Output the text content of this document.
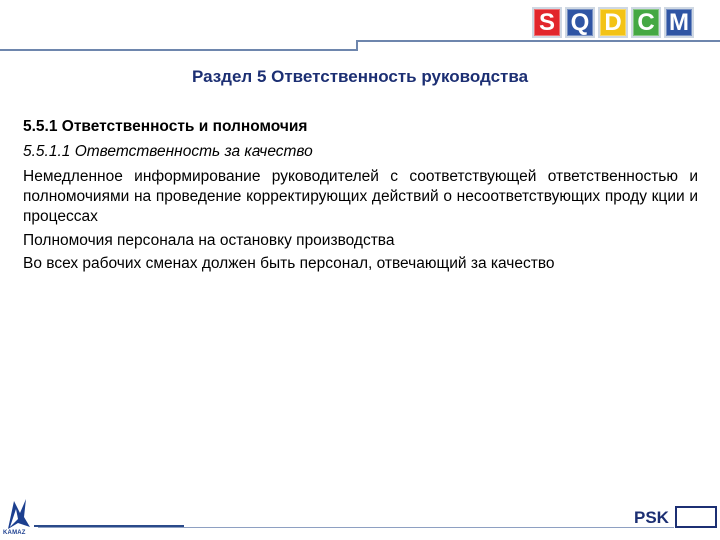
S Q D C M
Раздел 5 Ответственность руководства
5.5.1 Ответственность и полномочия
5.5.1.1 Ответственность за качество
Немедленное информирование руководителей с соответствующей ответственностью и полномочиями на проведение корректирующих действий о несоответствующих проду кции и процессах
Полномочия персонала на остановку производства
Во всех рабочих сменах должен быть персонал, отвечающий за качество
KAMAZ
PSK
